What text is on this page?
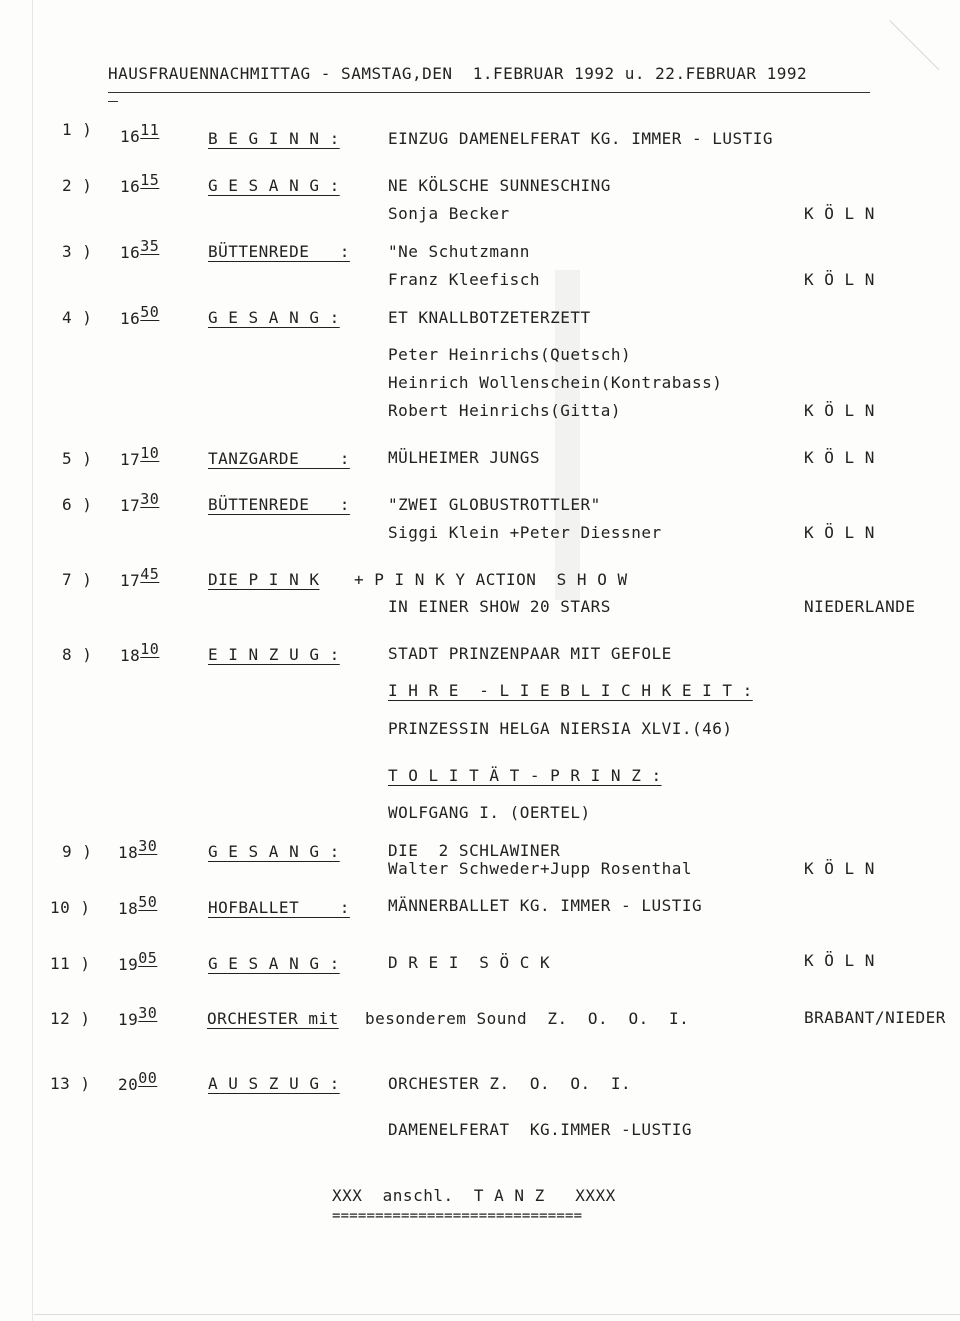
HAUSFRAUENNACHMITTAG - SAMSTAG,DEN  1.FEBRUAR 1992 u. 22.FEBRUAR 1992
1 ) $16^{11}$	B E G I N N :	EINZUG DAMENELFERAT KG. IMMER - LUSTIG
2 ) $16^{15}$	G E S A N G :	NE KÖLSCHE SUNNESCHING
Sonja Becker	K Ö L N
3 ) $16^{35}$	BÜTTENREDE   : "Ne Schutzmann
Franz Kleefisch	K Ö L N
4 ) $16^{50}$	G E S A N G :	ET KNALLBOTZETERZETT
Peter Heinrichs(Quetsch)
Heinrich Wollenschein(Kontrabass)
Robert Heinrichs(Gitta)	K Ö L N
5 ) $17^{10}$	TANZGARDE    : MÜLHEIMER JUNGS	K Ö L N
6 ) $17^{30}$	BÜTTENREDE   : "ZWEI GLOBUSTROTTLER"
Siggi Klein +Peter Diessner	K Ö L N
7 ) $17^{45}$	DIE P I N K + P I N K Y ACTION  S H O W
IN EINER SHOW 20 STARS	NIEDERLANDE
8 ) $18^{10}$	E I N Z U G :	STADT PRINZENPAAR MIT GEFOLE
I H R E  - L I E B L I C H K E I T :
PRINZESSIN HELGA NIERSIA XLVI.(46)
T O L I T Ä T - P R I N Z :
WOLFGANG I. (OERTEL)
9 ) $18^{30}$	G E S A N G :	DIE  2 SCHLAWINER
Walter Schweder+Jupp Rosenthal	K Ö L N
10 ) $18^{50}$	HOFBALLET    : MÄNNERBALLET KG. IMMER - LUSTIG
11 ) $19^{05}$	G E S A N G :	D R E I  S Ö C K	K Ö L N
12 ) $19^{30}$	ORCHESTER mit besonderem Sound  Z.  O.  O.  I.	BRABANT/NIEDER
13 ) $20^{00}$	A U S Z U G :	ORCHESTER Z.  O.  O.  I.
DAMENELFERAT  KG.IMMER -LUSTIG
XXX  anschl.  T A N Z   XXXX
=============================
